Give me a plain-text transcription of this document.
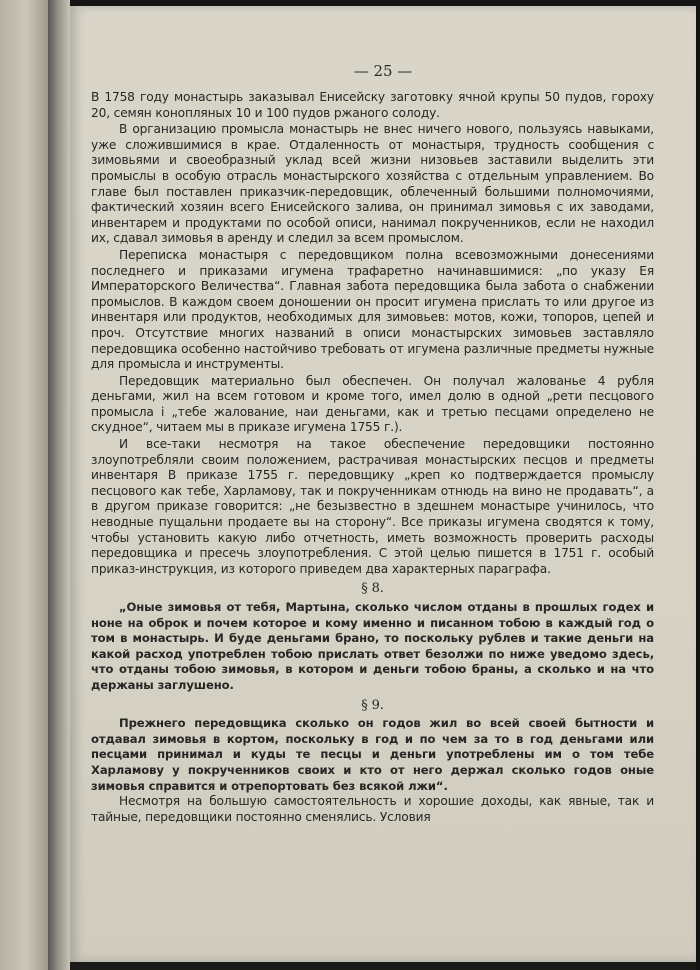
— 25 —

В 1758 году монастырь заказывал Енисейску заготовку ячной крупы 50 пудов, гороху 20, семян конопляных 10 и 100 пудов ржаного солоду.

В организацию промысла монастырь не внес ничего нового, пользуясь навыками, уже сложившимися в крае. Отдаленность от монастыря, трудность сообщения с зимовьями и своеобразный уклад всей жизни низовьев заставили выделить эти промыслы в особую отрасль монастырского хозяйства с отдельным управлением. Во главе был поставлен приказчик-передовщик, облеченный большими полномочиями, фактический хозяин всего Енисейского залива, он принимал зимовья с их заводами, инвентарем и продуктами по особой описи, нанимал покрученников, если не находил их, сдавал зимовья в аренду и следил за всем промыслом.

Переписка монастыря с передовщиком полна всевозможными донесениями последнего и приказами игумена трафаретно начинавшимися: „по указу Ея Императорского Величества“. Главная забота передовщика была забота о снабжении промыслов. В каждом своем доношении он просит игумена прислать то или другое из инвентаря или продуктов, необходимых для зимовьев: мотов, кожи, топоров, цепей и проч. Отсутствие многих названий в описи монастырских зимовьев заставляло передовщика особенно настойчиво требовать от игумена различные предметы нужные для промысла и инструменты.

Передовщик материально был обеспечен. Он получал жалованье 4 рубля деньгами, жил на всем готовом и кроме того, имел долю в одной „рети песцового промысла i „тебе жалование, наи деньгами, как и третью песцами определено не скудное“, читаем мы в приказе игумена 1755 г.).

И все-таки несмотря на такое обеспечение передовщики постоянно злоупотребляли своим положением, растрачивая монастырских песцов и предметы инвентаря В приказе 1755 г. передовщику „креп ко подтверждается промыслу песцового как тебе, Харламову, так и покрученникам отнюдь на вино не продавать“, а в другом приказе говорится: „не безызвестно в здешнем монастыре учинилось, что неводные пущальни продаете вы на сторону“. Все приказы игумена сводятся к тому, чтобы установить какую либо отчетность, иметь возможность проверить расходы передовщика и пресечь злоупотребления. С этой целью пишется в 1751 г. особый приказ-инструкция, из которого приведем два характерных параграфа.

§ 8.

„Оные зимовья от тебя, Мартына, сколько числом отданы в прошлых годех и ноне на оброк и почем которое и кому именно и писанном тобою в каждый год о том в монастырь. И буде деньгами брано, то поскольку рублев и такие деньги на какой расход употреблен тобою прислать ответ безолжи по ниже уведомо здесь, что отданы тобою зимовья, в котором и деньги тобою браны, а сколько и на что держаны заглушено.

§ 9.

Прежнего передовщика сколько он годов жил во всей своей бытности и отдавал зимовья в кортом, поскольку в год и по чем за то в год деньгами или песцами принимал и куды те песцы и деньги употреблены им о том тебе Харламову у покрученников своих и кто от него держал сколько годов оные зимовья справится и отрепортовать без всякой лжи“.

Несмотря на большую самостоятельность и хорошие доходы, как явные, так и тайные, передовщики постоянно сменялись. Условия
